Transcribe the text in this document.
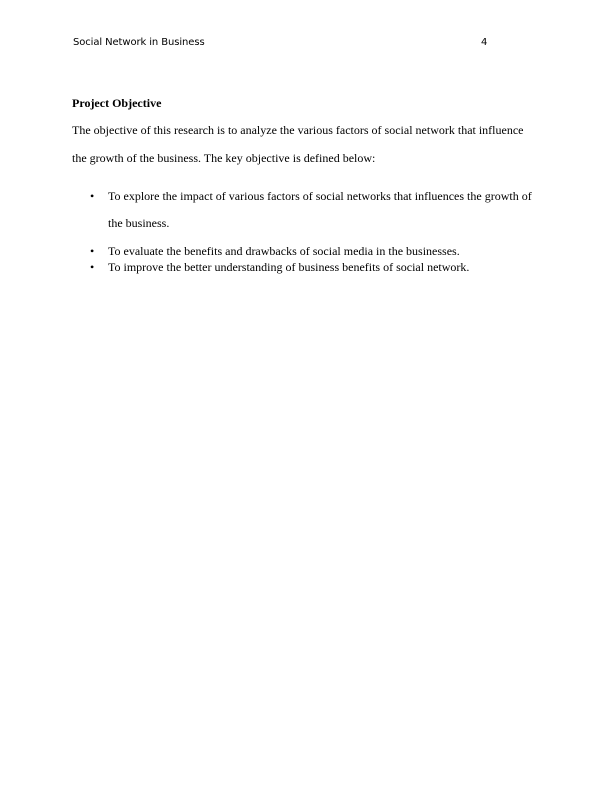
Social Network in Business	4
Project Objective
The objective of this research is to analyze the various factors of social network that influence
the growth of the business. The key objective is defined below:
•	To explore the impact of various factors of social networks that influences the growth of
the business.
•	To evaluate the benefits and drawbacks of social media in the businesses.
•	To improve the better understanding of business benefits of social network.
